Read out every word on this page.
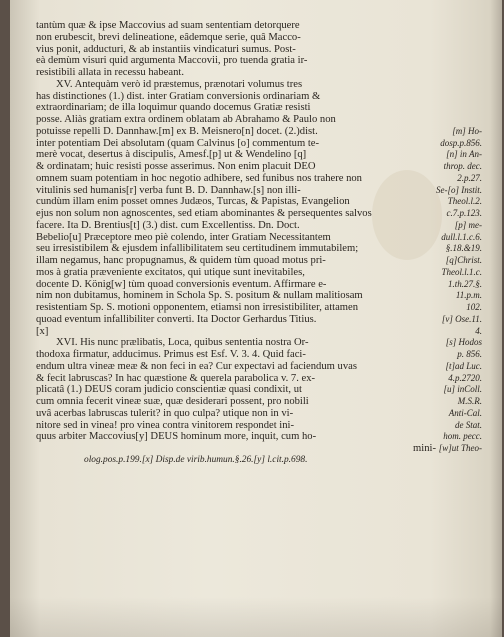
tantùm quæ & ipse Maccovius ad suam sententiam detorquere
non erubescit, brevi delineatione, eâdemque serie, quâ Macco-
vius ponit, adducturi, & ab instantiis vindicaturi sumus. Post-
eà demùm visuri quid argumenta Maccovii, pro tuenda gratia ir-
resistibili allata in recessu habeant.
XV. Antequàm verò id præstemus, prænotari volumus tres
has distinctiones (1.) dist. inter Gratiam conversionis ordinariam &
extraordinariam; de illa loquimur quando docemus Gratiæ resisti
posse. Aliàs gratiam extra ordinem oblatam ab Abrahamo & Paulo non
potuisse repelli D. Dannhaw.[m] ex B. Meisnero[n] docet. (2.)dist.	[m] Ho-
inter potentiam Dei absolutam (quam Calvinus [o] commentum te-	dosp.p.856.
merè vocat, desertus à discipulis, Amesf.[p] ut & Wendelino [q]	[n] in An-
& ordinatam; huic resisti posse asserimus. Non enim placuit DEO	throp. dec.
omnem suam potentiam in hoc negotio adhibere, sed funibus nos trahere non	2.p.27.
vitulinis sed humanis[r] verba funt B. D. Dannhaw.[s] non illi-	Se-[o] Instit.
cundùm illam enim posset omnes Judæos, Turcas, & Papistas, Evangelion	Theol.l.2.
ejus non solum non agnoscentes, sed etiam abominantes & persequentes salvos	c.7.p.123.
facere. Ita D. Brentius[t] (3.) dist. cum Excellentiss. Dn. Doct.	[p] me-
Bebelio[u] Præceptore meo piè colendo, inter Gratiam Necessitantem	dull.l.1.c.6.
seu irresistibilem & ejusdem infallibilitatem seu certitudinem immutabilem;	§.18.&19.
illam negamus, hanc propugnamus, & quidem tùm quoad motus pri-	[q]Christ.
mos à gratia præveniente excitatos, qui utique sunt inevitabiles,	Theol.l.1.c.
docente D. König[w] tùm quoad conversionis eventum. Affirmare e-	1.th.27.§.
nim non dubitamus, hominem in Schola Sp. S. positum & nullam malitiosam	11.p.m.
resistentiam Sp. S. motioni opponentem, etiamsi non irresistibiliter, attamen	102.
quoad eventum infallibiliter converti. Ita Doctor Gerhardus Titius.	[v] Ose.11.
[x]	4.
XVI. His nunc prælibatis, Loca, quibus sententia nostra Or-	[s] Hodos
thodoxa firmatur, adducimus. Primus est Esf. V. 3. 4. Quid faci-	p. 856.
endum ultra vineæ meæ & non feci in ea? Cur expectavi ad faciendum uvas	[t]ad Luc.
& fecit labruscas? In hac quæstione & querela parabolica v. 7. ex-	4.p.2720.
plicatâ (1.) DEUS coram judicio conscientiæ quasi condixit, ut	[u] inColl.
cum omnia fecerit vineæ suæ, quæ desiderari possent, pro nobili	M.S.R.
uvâ acerbas labruscas tulerit? in quo culpa? utique non in vi-	Anti-Cal.
nitore sed in vinea! pro vinea contra vinitorem respondet ini-	de Stat.
quus arbiter Maccovius[y] DEUS hominum more, inquit, cum ho-	hom. pecc.
mini- [w]ut Theo-
olog.pos.p.199.[x] Disp.de virib.humun.§.26.[y] l.cit.p.698.
